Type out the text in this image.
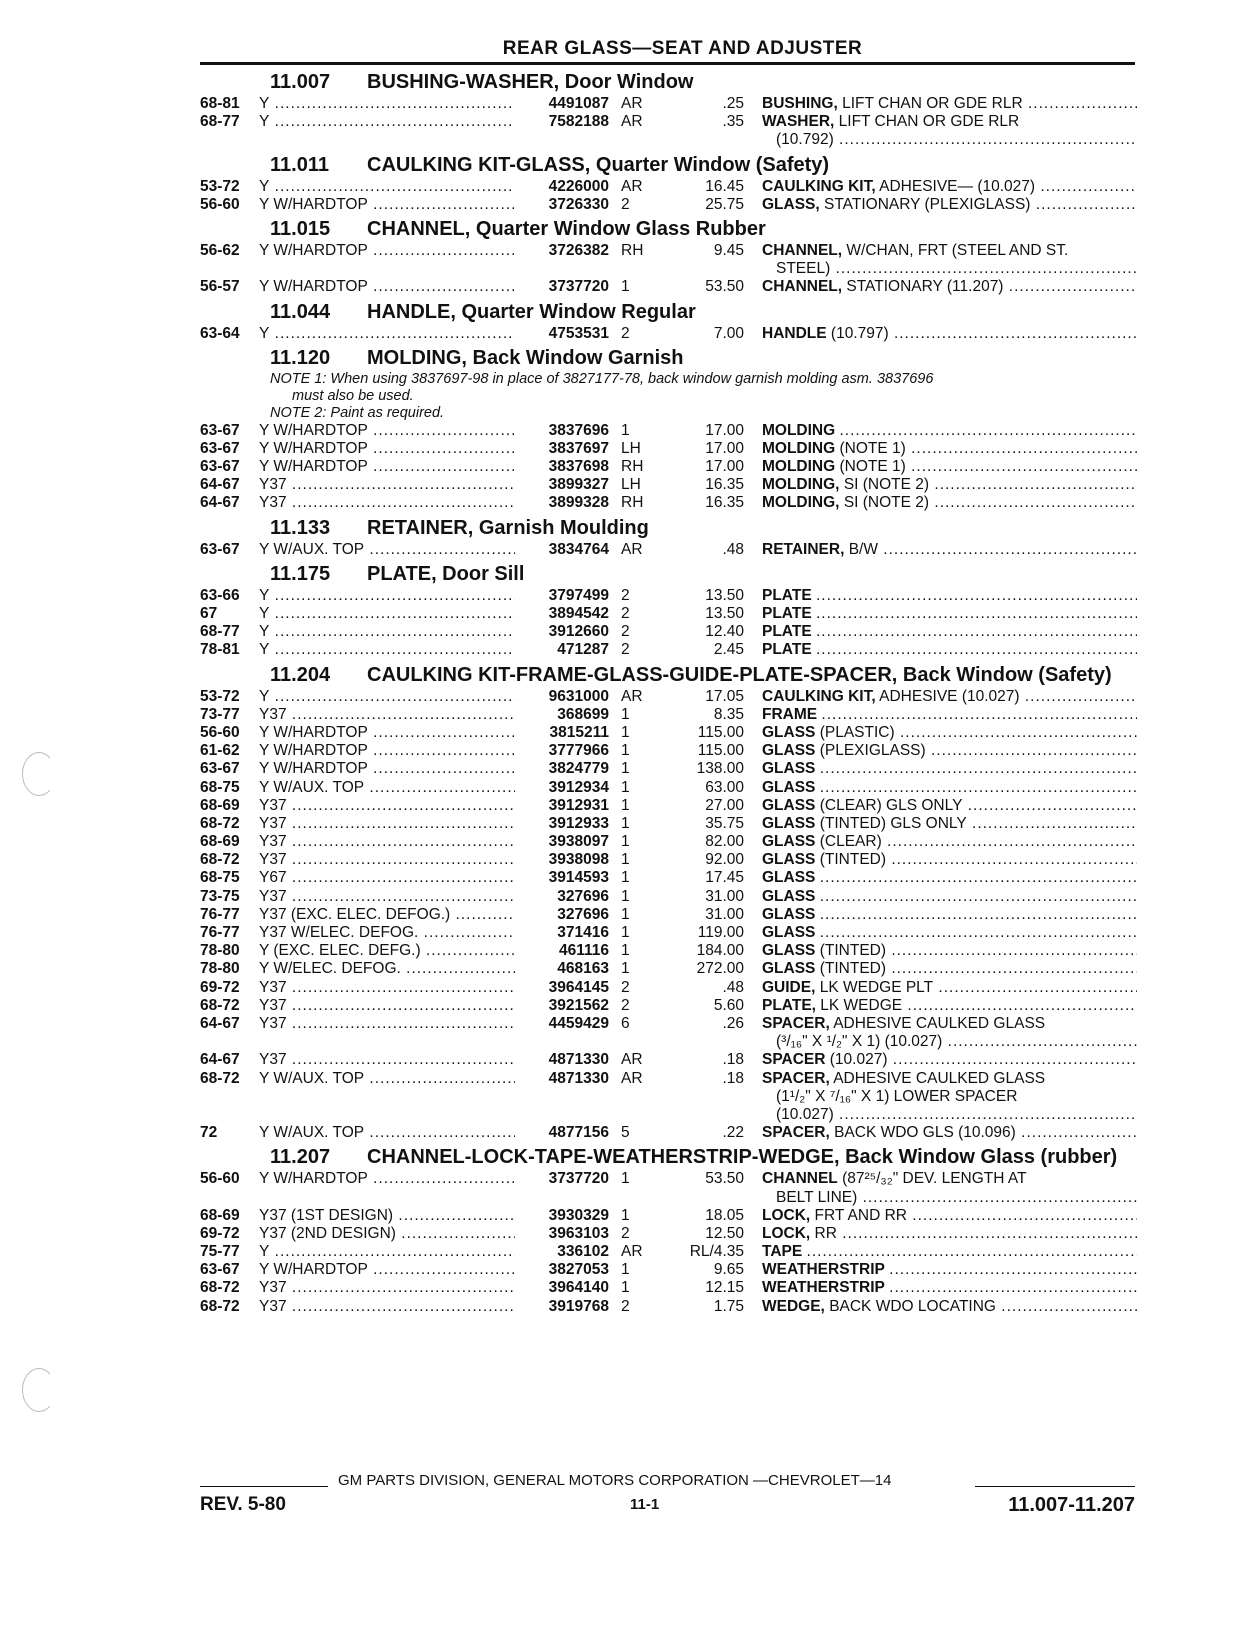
REAR GLASS—SEAT AND ADJUSTER
11.007 BUSHING-WASHER, Door Window
68-81	Y .....	4491087 AR	.25 BUSHING, LIFT CHAN OR GDE RLR .....
68-77	Y .....	7582188 AR	.35 WASHER, LIFT CHAN OR GDE RLR
(10.792) .....
11.011 CAULKING KIT-GLASS, Quarter Window (Safety)
53-72	Y .....	4226000 AR	16.45 CAULKING KIT, ADHESIVE— (10.027) .....
56-60	Y W/HARDTOP .....	3726330 2	25.75 GLASS, STATIONARY (PLEXIGLASS) .....
11.015 CHANNEL, Quarter Window Glass Rubber
56-62	Y W/HARDTOP .....	3726382 RH	9.45 CHANNEL, W/CHAN, FRT (STEEL AND ST.
STEEL) .....
56-57	Y W/HARDTOP .....	3737720 1	53.50 CHANNEL, STATIONARY (11.207) .....
11.044 HANDLE, Quarter Window Regular
63-64	Y .....	4753531 2	7.00 HANDLE (10.797) .....
11.120 MOLDING, Back Window Garnish
NOTE 1: When using 3837697-98 in place of 3827177-78, back window garnish molding asm. 3837696
must also be used.
NOTE 2: Paint as required.
63-67	Y W/HARDTOP .....	3837696 1	17.00 MOLDING .....
63-67	Y W/HARDTOP .....	3837697 LH	17.00 MOLDING (NOTE 1) .....
63-67	Y W/HARDTOP .....	3837698 RH	17.00 MOLDING (NOTE 1) .....
64-67	Y37 .....	3899327 LH	16.35 MOLDING, SI (NOTE 2) .....
64-67	Y37 .....	3899328 RH	16.35 MOLDING, SI (NOTE 2) .....
11.133 RETAINER, Garnish Moulding
63-67	Y W/AUX. TOP .....	3834764 AR	.48 RETAINER, B/W .....
11.175 PLATE, Door Sill
63-66	Y .....	3797499 2	13.50 PLATE .....
67	Y .....	3894542 2	13.50 PLATE .....
68-77	Y .....	3912660 2	12.40 PLATE .....
78-81	Y .....	471287 2	2.45 PLATE .....
11.204 CAULKING KIT-FRAME-GLASS-GUIDE-PLATE-SPACER, Back Window (Safety)
53-72	Y .....	9631000 AR	17.05 CAULKING KIT, ADHESIVE (10.027) .....
73-77	Y37 .....	368699 1	8.35 FRAME .....
56-60	Y W/HARDTOP .....	3815211 1	115.00 GLASS (PLASTIC) .....
61-62	Y W/HARDTOP .....	3777966 1	115.00 GLASS (PLEXIGLASS) .....
63-67	Y W/HARDTOP .....	3824779 1	138.00 GLASS .....
68-75	Y W/AUX. TOP .....	3912934 1	63.00 GLASS .....
68-69	Y37 .....	3912931 1	27.00 GLASS (CLEAR) GLS ONLY .....
68-72	Y37 .....	3912933 1	35.75 GLASS (TINTED) GLS ONLY .....
68-69	Y37 .....	3938097 1	82.00 GLASS (CLEAR) .....
68-72	Y37 .....	3938098 1	92.00 GLASS (TINTED) .....
68-75	Y67 .....	3914593 1	17.45 GLASS .....
73-75	Y37 .....	327696 1	31.00 GLASS .....
76-77	Y37 (EXC. ELEC. DEFOG.) .....	327696 1	31.00 GLASS .....
76-77	Y37 W/ELEC. DEFOG. .....	371416 1	119.00 GLASS .....
78-80	Y (EXC. ELEC. DEFG.) .....	461116 1	184.00 GLASS (TINTED) .....
78-80	Y W/ELEC. DEFOG. .....	468163 1	272.00 GLASS (TINTED) .....
69-72	Y37 .....	3964145 2	.48 GUIDE, LK WEDGE PLT .....
68-72	Y37 .....	3921562 2	5.60 PLATE, LK WEDGE .....
64-67	Y37 .....	4459429 6	.26 SPACER, ADHESIVE CAULKED GLASS
(³/₁₆" X ¹/₂" X 1) (10.027) .....
64-67	Y37 .....	4871330 AR	.18 SPACER (10.027) .....
68-72	Y W/AUX. TOP .....	4871330 AR	.18 SPACER, ADHESIVE CAULKED GLASS
(1¹/₂" X ⁷/₁₆" X 1) LOWER SPACER
(10.027) .....
72	Y W/AUX. TOP .....	4877156 5	.22 SPACER, BACK WDO GLS (10.096) .....
11.207 CHANNEL-LOCK-TAPE-WEATHERSTRIP-WEDGE, Back Window Glass (rubber)
56-60	Y W/HARDTOP .....	3737720 1	53.50 CHANNEL (87²⁵/₃₂" DEV. LENGTH AT
BELT LINE) .....
68-69	Y37 (1ST DESIGN) .....	3930329 1	18.05 LOCK, FRT AND RR .....
69-72	Y37 (2ND DESIGN) .....	3963103 2	12.50 LOCK, RR .....
75-77	Y .....	336102 AR	RL/4.35 TAPE .....
63-67	Y W/HARDTOP .....	3827053 1	9.65 WEATHERSTRIP .....
68-72	Y37 .....	3964140 1	12.15 WEATHERSTRIP .....
68-72	Y37 .....	3919768 2	1.75 WEDGE, BACK WDO LOCATING .....
GM PARTS DIVISION, GENERAL MOTORS CORPORATION —CHEVROLET—14
REV. 5-80	11-1	11.007-11.207
